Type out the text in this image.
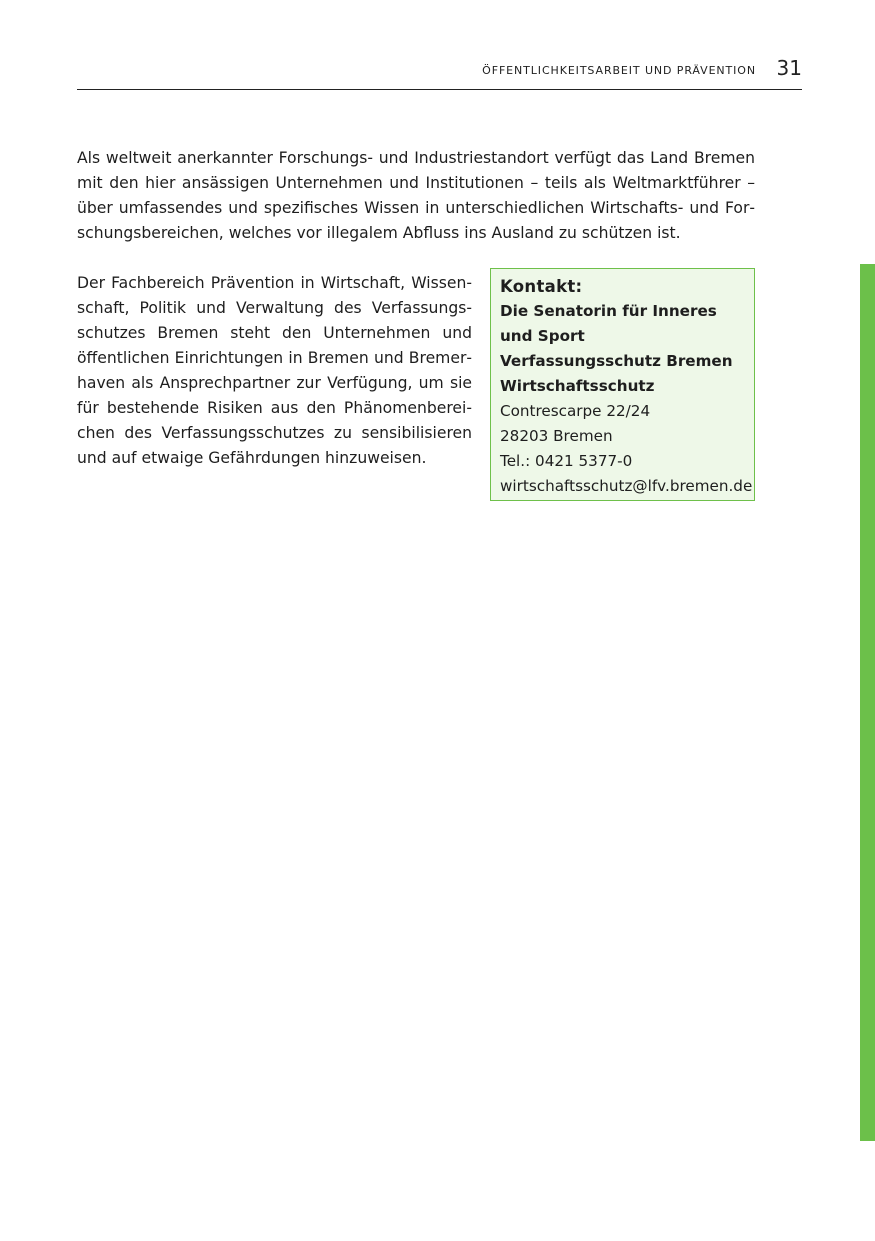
öffentlichkeitsarbeit und prävention 31

Als weltweit anerkannter Forschungs- und Industriestandort verfügt das Land Bremen mit den hier ansässigen Unternehmen und Institutionen – teils als Weltmarktführer – über umfassendes und spezifisches Wissen in unterschiedlichen Wirtschafts- und Forschungsbereichen, welches vor illegalem Abfluss ins Ausland zu schützen ist.

Der Fachbereich Prävention in Wirtschaft, Wissenschaft, Politik und Verwaltung des Verfassungsschutzes Bremen steht den Unternehmen und öffentlichen Einrichtungen in Bremen und Bremerhaven als Ansprechpartner zur Verfügung, um sie für bestehende Risiken aus den Phänomenbereichen des Verfassungsschutzes zu sensibilisieren und auf etwaige Gefährdungen hinzuweisen.

Kontakt:
Die Senatorin für Inneres
und Sport
Verfassungsschutz Bremen
Wirtschaftsschutz
Contrescarpe 22/24
28203 Bremen
Tel.: 0421 5377-0
wirtschaftsschutz@lfv.bremen.de
